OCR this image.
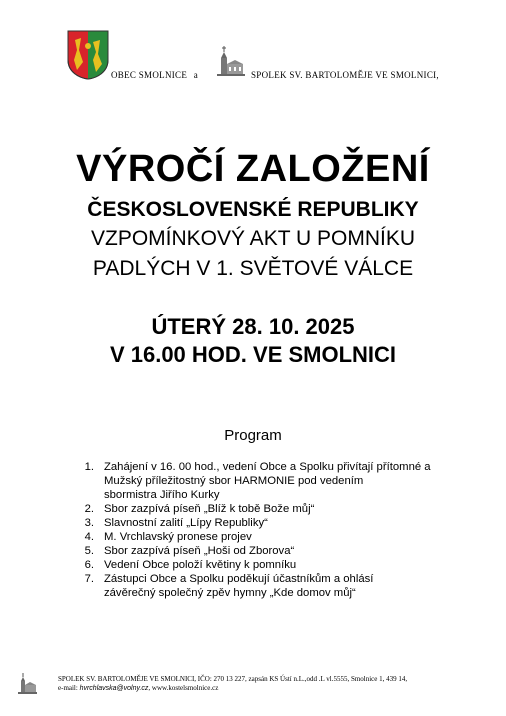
OBEC SMOLNICE a	SPOLEK SV. BARTOLOMĚJE VE SMOLNICI,
VÝROČÍ ZALOŽENÍ
ČESKOSLOVENSKÉ REPUBLIKY
VZPOMÍNKOVÝ AKT U POMNÍKU
PADLÝCH V 1. SVĚTOVÉ VÁLCE
ÚTERÝ 28. 10. 2025
V 16.00 HOD. VE SMOLNICI
Program
1. Zahájení v 16. 00 hod., vedení Obce a Spolku přivítají přítomné a
Mužský příležitostný sbor HARMONIE pod vedením
sbormistra Jiřího Kurky
2. Sbor zazpívá píseň „Blíž k tobě Bože můj“
3. Slavnostní zalití „Lípy Republiky“
4. M. Vrchlavský pronese projev
5. Sbor zazpívá píseň „Hoši od Zborova“
6. Vedení Obce položí květiny k pomníku
7. Zástupci Obce a Spolku poděkují účastníkům a ohlásí
závěrečný společný zpěv hymny „Kde domov můj“
SPOLEK SV. BARTOLOMĚJE VE SMOLNICI, IČO: 270 13 227, zapsán KS Ústí n.L.,odd .L vl.5555, Smolnice 1, 439 14,
e-mail: hvrchlavska@volny.cz, www.kostelsmolnice.cz
